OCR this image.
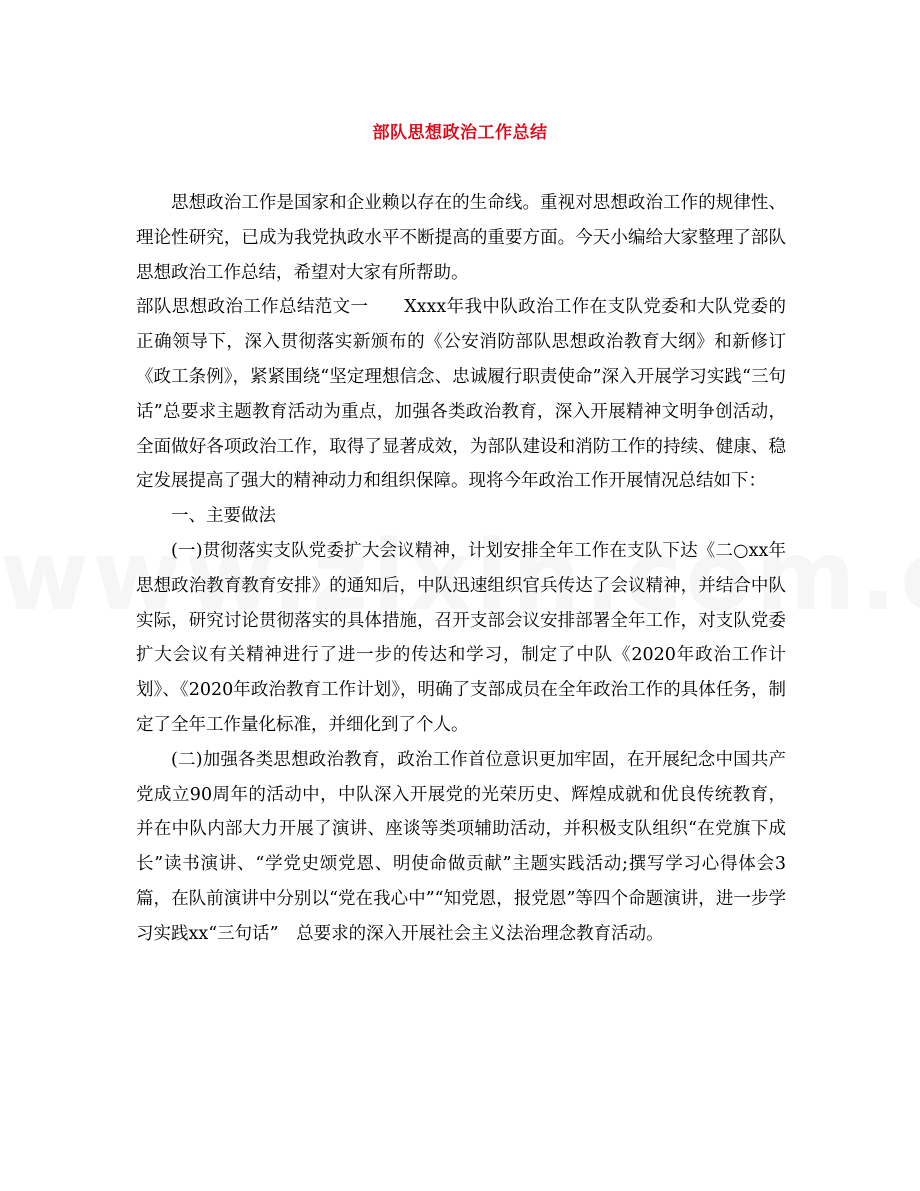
部队思想政治工作总结

思想政治工作是国家和企业赖以存在的生命线。重视对思想政治工作的规律性、理论性研究，已成为我党执政水平不断提高的重要方面。今天小编给大家整理了部队思想政治工作总结，希望对大家有所帮助。

部队思想政治工作总结范文一　　Xxxx年我中队政治工作在支队党委和大队党委的正确领导下，深入贯彻落实新颁布的《公安消防部队思想政治教育大纲》和新修订《政工条例》，紧紧围绕“坚定理想信念、忠诚履行职责使命”深入开展学习实践“三句话”总要求主题教育活动为重点，加强各类政治教育，深入开展精神文明争创活动，全面做好各项政治工作，取得了显著成效，为部队建设和消防工作的持续、健康、稳定发展提高了强大的精神动力和组织保障。现将今年政治工作开展情况总结如下：

一、主要做法

(一)贯彻落实支队党委扩大会议精神，计划安排全年工作在支队下达《二○xx年思想政治教育教育安排》的通知后，中队迅速组织官兵传达了会议精神，并结合中队实际，研究讨论贯彻落实的具体措施，召开支部会议安排部署全年工作，对支队党委扩大会议有关精神进行了进一步的传达和学习，制定了中队《2020年政治工作计划》、《2020年政治教育工作计划》，明确了支部成员在全年政治工作的具体任务，制定了全年工作量化标准，并细化到了个人。

(二)加强各类思想政治教育，政治工作首位意识更加牢固，在开展纪念中国共产党成立90周年的活动中，中队深入开展党的光荣历史、辉煌成就和优良传统教育，并在中队内部大力开展了演讲、座谈等类项辅助活动，并积极支队组织“在党旗下成长”读书演讲、“学党史颂党恩、明使命做贡献”主题实践活动;撰写学习心得体会3篇，在队前演讲中分别以“党在我心中”“知党恩，报党恩”等四个命题演讲，进一步学习实践xx“三句话”　总要求的深入开展社会主义法治理念教育活动。
